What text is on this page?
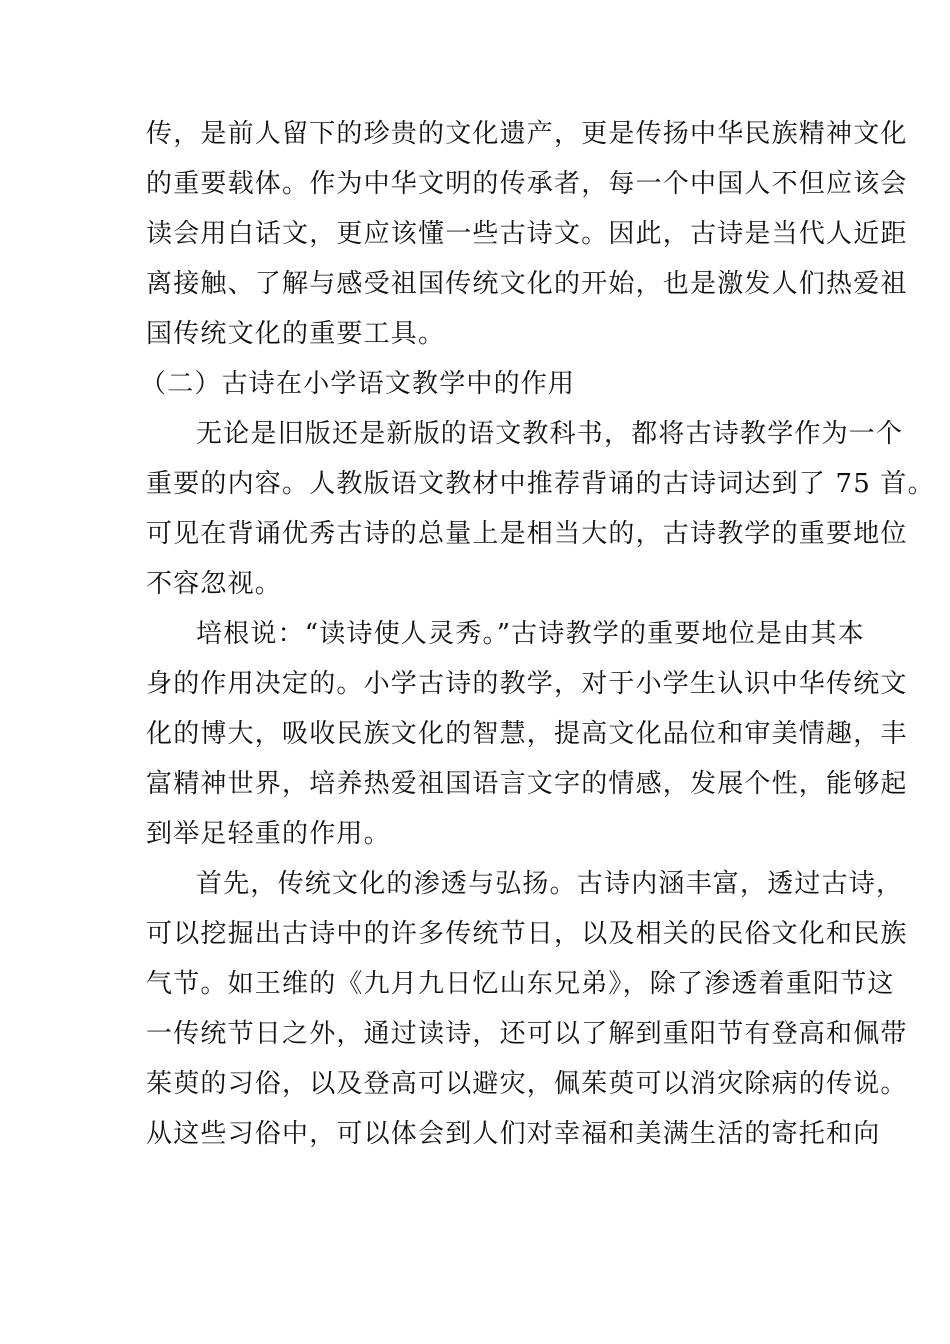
传，是前人留下的珍贵的文化遗产，更是传扬中华民族精神文化
的重要载体。作为中华文明的传承者，每一个中国人不但应该会
读会用白话文，更应该懂一些古诗文。因此，古诗是当代人近距
离接触、了解与感受祖国传统文化的开始，也是激发人们热爱祖
国传统文化的重要工具。
（二）古诗在小学语文教学中的作用
无论是旧版还是新版的语文教科书，都将古诗教学作为一个
重要的内容。人教版语文教材中推荐背诵的古诗词达到了 75 首。
可见在背诵优秀古诗的总量上是相当大的，古诗教学的重要地位
不容忽视。
培根说：“读诗使人灵秀。”古诗教学的重要地位是由其本
身的作用决定的。小学古诗的教学，对于小学生认识中华传统文
化的博大，吸收民族文化的智慧，提高文化品位和审美情趣，丰
富精神世界，培养热爱祖国语言文字的情感，发展个性，能够起
到举足轻重的作用。
首先，传统文化的渗透与弘扬。古诗内涵丰富，透过古诗，
可以挖掘出古诗中的许多传统节日，以及相关的民俗文化和民族
气节。如王维的《九月九日忆山东兄弟》，除了渗透着重阳节这
一传统节日之外，通过读诗，还可以了解到重阳节有登高和佩带
茱萸的习俗，以及登高可以避灾，佩茱萸可以消灾除病的传说。
从这些习俗中，可以体会到人们对幸福和美满生活的寄托和向
